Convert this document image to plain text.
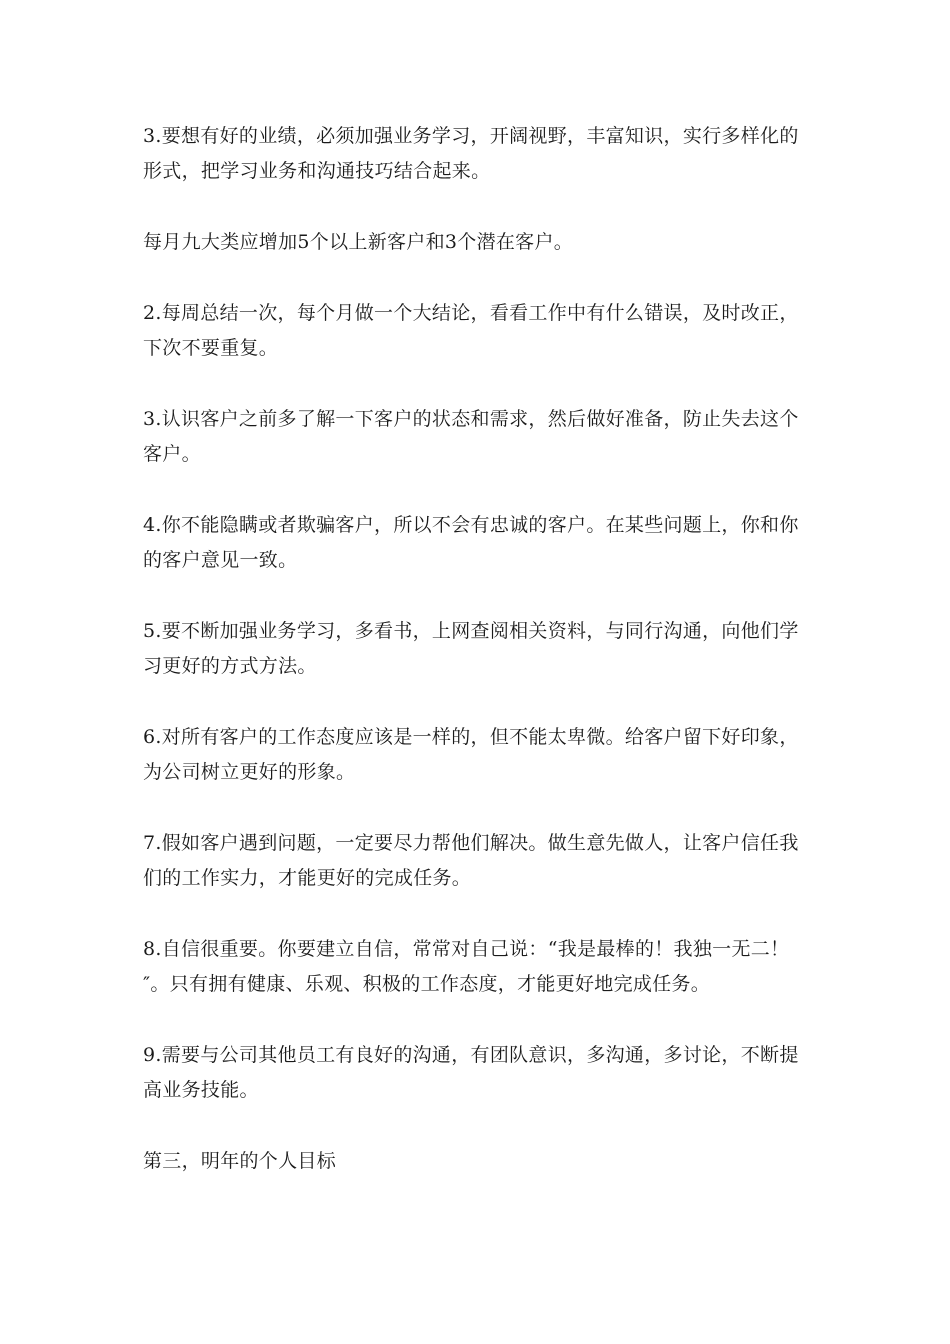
3.要想有好的业绩，必须加强业务学习，开阔视野，丰富知识，实行多样化的形式，把学习业务和沟通技巧结合起来。

每月九大类应增加5个以上新客户和3个潜在客户。

2.每周总结一次，每个月做一个大结论，看看工作中有什么错误，及时改正，下次不要重复。

3.认识客户之前多了解一下客户的状态和需求，然后做好准备，防止失去这个客户。

4.你不能隐瞒或者欺骗客户，所以不会有忠诚的客户。在某些问题上，你和你的客户意见一致。

5.要不断加强业务学习，多看书，上网查阅相关资料，与同行沟通，向他们学习更好的方式方法。

6.对所有客户的工作态度应该是一样的，但不能太卑微。给客户留下好印象，为公司树立更好的形象。

7.假如客户遇到问题，一定要尽力帮他们解决。做生意先做人，让客户信任我们的工作实力，才能更好的完成任务。

8.自信很重要。你要建立自信，常常对自己说：“我是最棒的！我独一无二！″。只有拥有健康、乐观、积极的工作态度，才能更好地完成任务。

9.需要与公司其他员工有良好的沟通，有团队意识，多沟通，多讨论，不断提高业务技能。

第三，明年的个人目标
